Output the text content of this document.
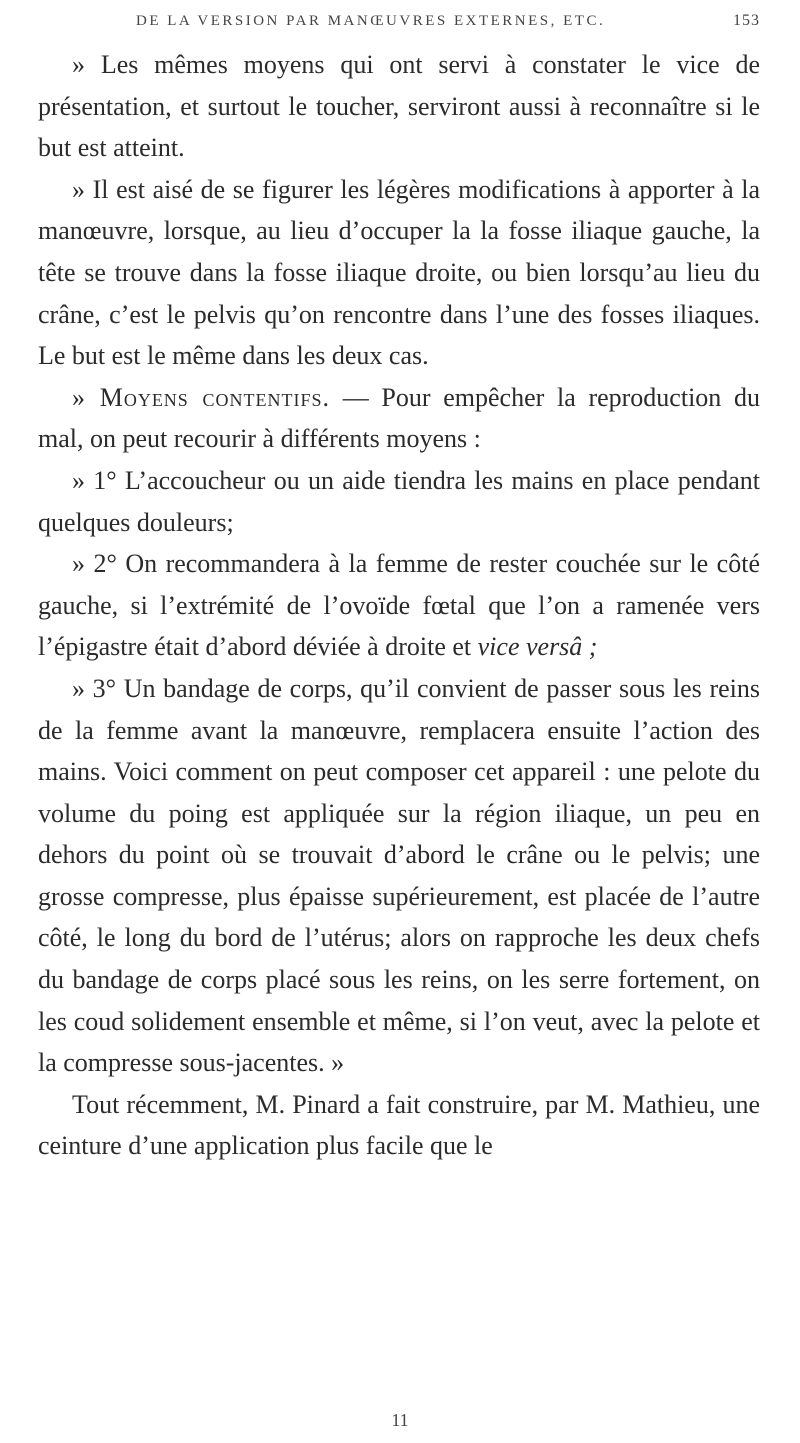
DE LA VERSION PAR MANŒUVRES EXTERNES, ETC.	153

» Les mêmes moyens qui ont servi à constater le vice de présentation, et surtout le toucher, serviront aussi à reconnaître si le but est atteint.

» Il est aisé de se figurer les légères modifications à apporter à la manœuvre, lorsque, au lieu d’occuper la la fosse iliaque gauche, la tête se trouve dans la fosse iliaque droite, ou bien lorsqu’au lieu du crâne, c’est le pelvis qu’on rencontre dans l’une des fosses iliaques. Le but est le même dans les deux cas.

» Moyens contentifs. — Pour empêcher la reproduction du mal, on peut recourir à différents moyens :

» 1° L’accoucheur ou un aide tiendra les mains en place pendant quelques douleurs;

» 2° On recommandera à la femme de rester couchée sur le côté gauche, si l’extrémité de l’ovoïde fœtal que l’on a ramenée vers l’épigastre était d’abord déviée à droite et vice versâ ;

» 3° Un bandage de corps, qu’il convient de passer sous les reins de la femme avant la manœuvre, remplacera ensuite l’action des mains. Voici comment on peut composer cet appareil : une pelote du volume du poing est appliquée sur la région iliaque, un peu en dehors du point où se trouvait d’abord le crâne ou le pelvis; une grosse compresse, plus épaisse supérieurement, est placée de l’autre côté, le long du bord de l’utérus; alors on rapproche les deux chefs du bandage de corps placé sous les reins, on les serre fortement, on les coud solidement ensemble et même, si l’on veut, avec la pelote et la compresse sous-jacentes. »

Tout récemment, M. Pinard a fait construire, par M. Mathieu, une ceinture d’une application plus facile que le

11
